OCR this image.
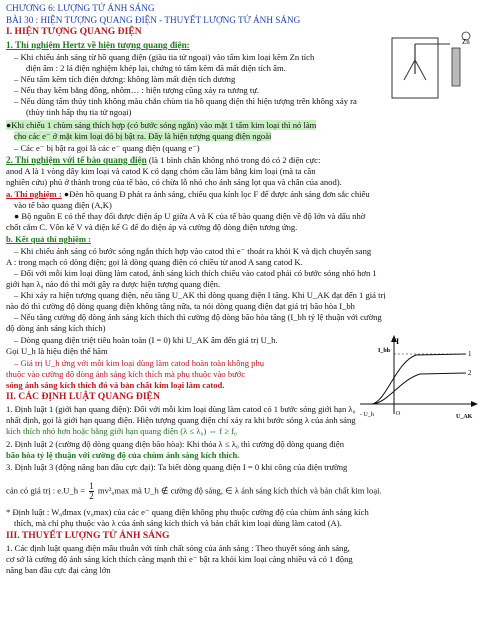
CHƯƠNG 6: LƯỢNG TỬ ÁNH SÁNG
BÀI 30 : HIỆN TƯỢNG QUANG ĐIỆN - THUYẾT LƯỢNG TỬ ÁNH SÁNG
I. HIỆN TƯỢNG QUANG ĐIỆN
1. Thí nghiệm Hertz về hiện tượng quang điện:
– Khi chiếu ánh sáng từ hồ quang điện (giàu tia tử ngoại) vào tấm kim loại kẽm Zn tích
điện âm : 2 lá điện nghiệm khép lại, chứng tỏ tấm kẽm đã mất điện tích âm.
– Nếu tấm kẽm tích điện dương: không làm mất điện tích dương
– Nếu thay kẽm bằng đồng, nhôm… : hiện tượng cũng xảy ra tương tự.
– Nếu dùng tấm thủy tinh không màu chắn chùm tia hồ quang điện thì hiện tượng trên không xảy ra
(thủy tinh hấp thụ tia tử ngoại)
Zn
●Khi chiếu 1 chùm sáng thích hợp (có bước sóng ngắn) vào mặt 1 tấm kim loại thì nó làm
cho các e⁻ ở mặt kim loại đó bị bật ra. Đây là hiện tượng quang điện ngoài
– Các e⁻ bị bật ra gọi là các e⁻ quang điện (quang e⁻)
2. Thí nghiệm với tế bào quang điện (là 1 bình chân không nhỏ trong đó có 2 điện cực:
anod A là 1 vòng dây kim loại và catod K có dạng chỏm cầu làm bằng kim loại (mà ta cần
nghiên cứu) phủ ở thành trong của tế bào, có chừa lỗ nhỏ cho ánh sáng lọt qua và chân của anod).
a. Thí nghiệm : ●Đèn hồ quang Đ phát ra ánh sáng, chiếu qua kính lọc F để được ánh sáng đơn sắc chiếu
vào tế bào quang điện (A,K)
● Bộ nguồn E có thể thay đổi được điện áp U giữa A và K của tế bào quang điện về độ lớn và dấu nhờ
chốt cắm C. Vôn kế V và điện kế G để đo điện áp và cường độ dòng điện tương ứng.
b. Kết quả thí nghiệm :
– Khi chiếu ánh sáng có bước sóng ngắn thích hợp vào catod thì e⁻ thoát ra khỏi K và dịch chuyển sang
A : trong mạch có dòng điện; gọi là dòng quang điện có chiều từ anod A sang catod K.
– Đối với mỗi kim loại dùng làm catod, ánh sáng kích thích chiếu vào catod phải có bước sóng nhỏ hơn 1
giới hạn λ₀ nào đó thì mới gây ra được hiện tượng quang điện.
– Khi xảy ra hiện tượng quang điện, nếu tăng U_AK thì dòng quang điện I tăng. Khi U_AK đạt đến 1 giá trị
nào đó thì cường độ dòng quang điện không tăng nữa, ta nói dòng quang điện đạt giá trị bão hòa I_bh
– Nếu tăng cường độ dòng ánh sáng kích thích thì cường độ dòng bão hòa tăng (I_bh tỷ lệ thuận với cường
độ dòng ánh sáng kích thích)
– Dòng quang điện triệt tiêu hoàn toàn (I = 0) khi U_AK âm đến giá trị U_h.
Gọi U_h là hiệu điện thế hãm
– Giá trị U_h ứng với mỗi kim loại dùng làm catod hoàn toàn không phụ
thuộc vào cường độ dòng ánh sáng kích thích mà phụ thuộc vào bước
sóng ánh sáng kích thích đó và bản chất kim loại làm catod.
I
I_bh	1
2
- U_h	O	U_AK
II. CÁC ĐỊNH LUẬT QUANG ĐIỆN
1. Định luật 1 (giới hạn quang điện): Đối với mỗi kim loại dùng làm catod có 1 bước sóng giới hạn λ₀
nhất định, gọi là giới hạn quang điện. Hiện tượng quang điện chỉ xảy ra khi bước sóng λ của ánh sáng
kích thích nhỏ hơn hoặc bằng giới hạn quang điện (λ ≤ λ₀) ⇔ f ≥ f₀
2. Định luật 2 (cường độ dòng quang điện bão hòa): Khi thỏa λ ≤ λ₀ thì cường độ dòng quang điện
bão hòa tỷ lệ thuận với cường độ của chùm ánh sáng kích thích.
3. Định luật 3 (động năng ban đầu cực đại): Ta biết dòng quang điện I = 0 khi công của điện trường
cản có giá trị : e.U_h = $\frac{1}{2} mv^2_0\max$ mà U_h ∉ cường độ sáng, ∈ λ ánh sáng kích thích và bản chất kim loại.
* Định luật : W₀đmax (v₀max) của các e⁻ quang điện không phụ thuộc cường độ của chùm ánh sáng kích
thích, mà chỉ phụ thuộc vào λ của ánh sáng kích thích và bản chất kim loại dùng làm catod (A).
III. THUYẾT LƯỢNG TỬ ÁNH SÁNG
1. Các định luật quang điện mâu thuẫn với tính chất sóng của ánh sáng : Theo thuyết sóng ánh sáng,
cơ sở là cường độ ánh sáng kích thích càng mạnh thì e⁻ bật ra khỏi kim loại càng nhiều và có 1 động
năng ban đầu cực đại càng lớn
